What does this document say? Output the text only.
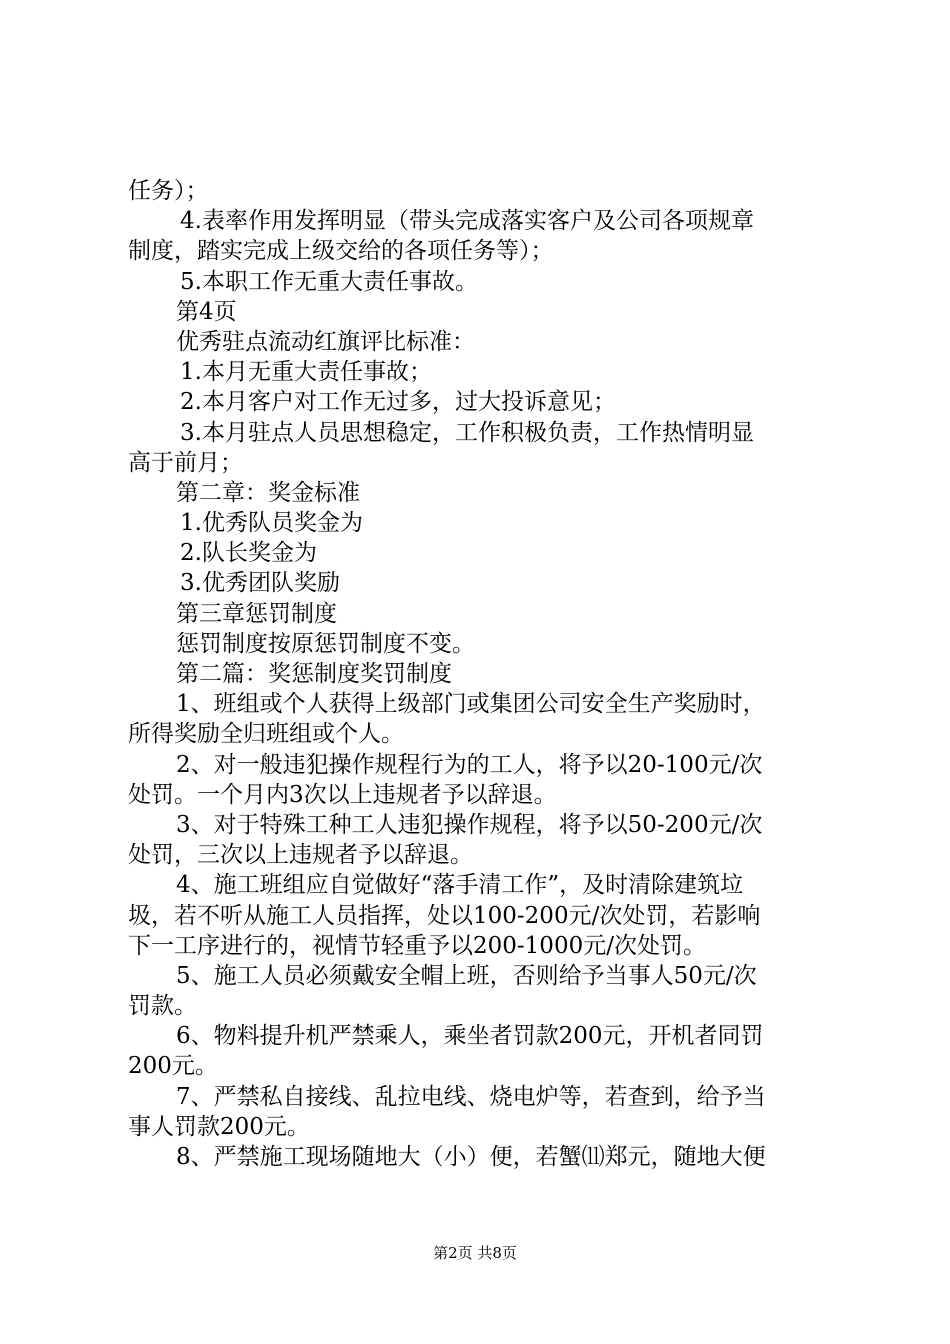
任务）；
4.表率作用发挥明显（带头完成落实客户及公司各项规章
制度，踏实完成上级交给的各项任务等）；
5.本职工作无重大责任事故。
第4页
优秀驻点流动红旗评比标准：
1.本月无重大责任事故；
2.本月客户对工作无过多，过大投诉意见；
3.本月驻点人员思想稳定，工作积极负责，工作热情明显
高于前月；
第二章：奖金标准
1.优秀队员奖金为
2.队长奖金为
3.优秀团队奖励
第三章惩罚制度
惩罚制度按原惩罚制度不变。
第二篇：奖惩制度奖罚制度
1、班组或个人获得上级部门或集团公司安全生产奖励时，
所得奖励全归班组或个人。
2、对一般违犯操作规程行为的工人，将予以20-100元/次
处罚。一个月内3次以上违规者予以辞退。
3、对于特殊工种工人违犯操作规程，将予以50-200元/次
处罚，三次以上违规者予以辞退。
4、施工班组应自觉做好“落手清工作”，及时清除建筑垃
圾，若不听从施工人员指挥，处以100-200元/次处罚，若影响
下一工序进行的，视情节轻重予以200-1000元/次处罚。
5、施工人员必须戴安全帽上班，否则给予当事人50元/次
罚款。
6、物料提升机严禁乘人，乘坐者罚款200元，开机者同罚
200元。
7、严禁私自接线、乱拉电线、烧电炉等，若查到，给予当
事人罚款200元。
8、严禁施工现场随地大（小）便，若蟹⑾郑元，随地大便
第2页 共8页
